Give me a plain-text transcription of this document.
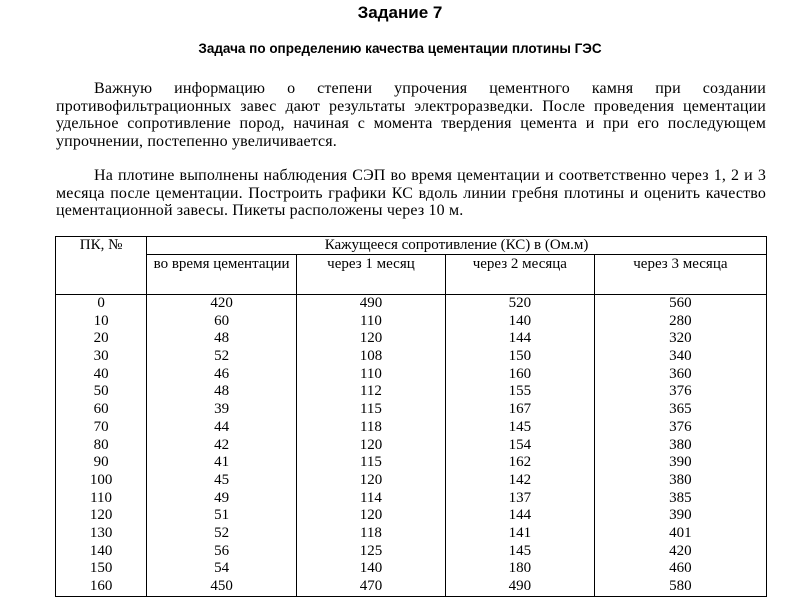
Задание 7
Задача по определению качества цементации плотины ГЭС
Важную информацию о степени упрочения цементного камня при создании противофильтрационных завес дают результаты электроразведки. После проведения цементации удельное сопротивление пород, начиная с момента твердения цемента и при его последующем упрочнении, постепенно увеличивается.
На плотине выполнены наблюдения СЭП во время цементации и соответственно через 1, 2 и 3 месяца после цементации. Построить графики КС вдоль линии гребня плотины и оценить качество цементационной завесы. Пикеты расположены через 10 м.
ПК, №	Кажущееся сопротивление (КС) в (Ом.м)			
	во время цементации	через 1 месяц	через 2 месяца	через 3 месяца
0	420	490	520	560
10	60	110	140	280
20	48	120	144	320
30	52	108	150	340
40	46	110	160	360
50	48	112	155	376
60	39	115	167	365
70	44	118	145	376
80	42	120	154	380
90	41	115	162	390
100	45	120	142	380
110	49	114	137	385
120	51	120	144	390
130	52	118	141	401
140	56	125	145	420
150	54	140	180	460
160	450	470	490	580
